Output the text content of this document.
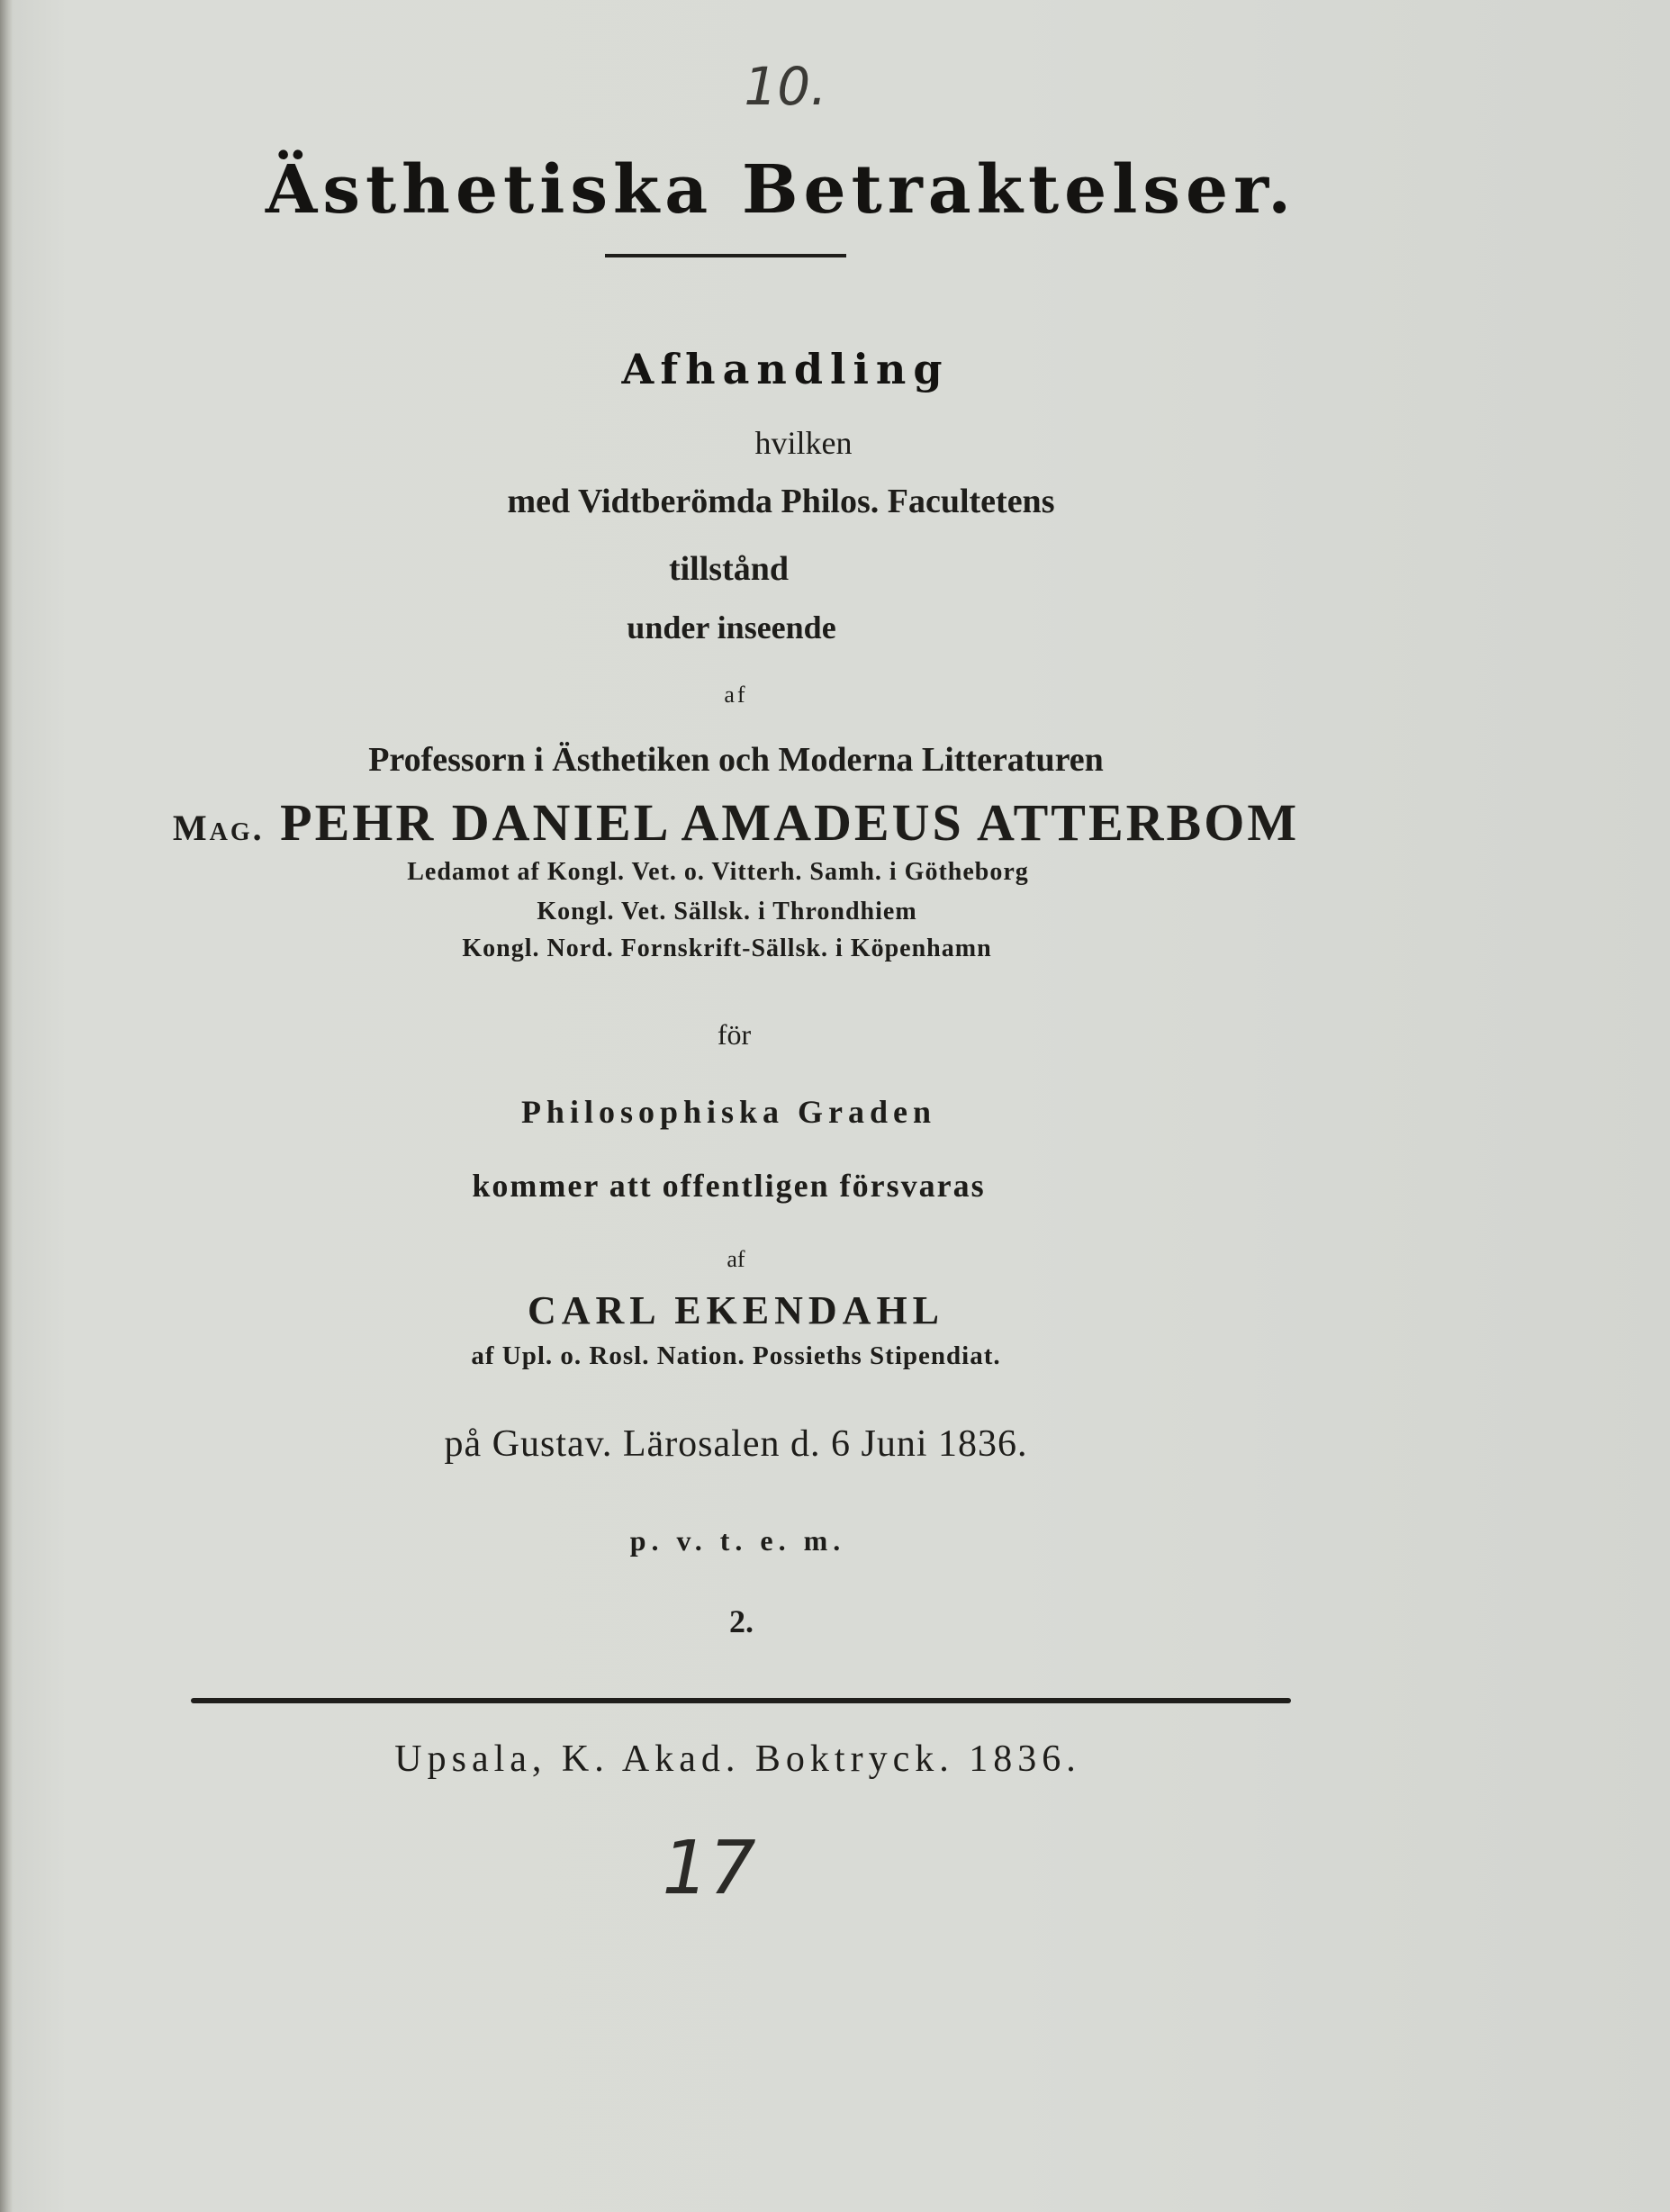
10.
Ästhetiska Betraktelser.
Afhandling
hvilken
med Vidtberömda Philos. Facultetens
tillstånd
under inseende
af
Professorn i Ästhetiken och Moderna Litteraturen
Mag. PEHR DANIEL AMADEUS ATTERBOM
Ledamot af Kongl. Vet. o. Vitterh. Samh. i Götheborg
Kongl. Vet. Sällsk. i Throndhiem
Kongl. Nord. Fornskrift-Sällsk. i Köpenhamn
för
Philosophiska Graden
kommer att offentligen försvaras
af
CARL EKENDAHL
af Upl. o. Rosl. Nation. Possieths Stipendiat.
på Gustav. Lärosalen d. 6 Juni 1836.
p. v. t. e. m.
2.
Upsala, K. Akad. Boktryck. 1836.
17
